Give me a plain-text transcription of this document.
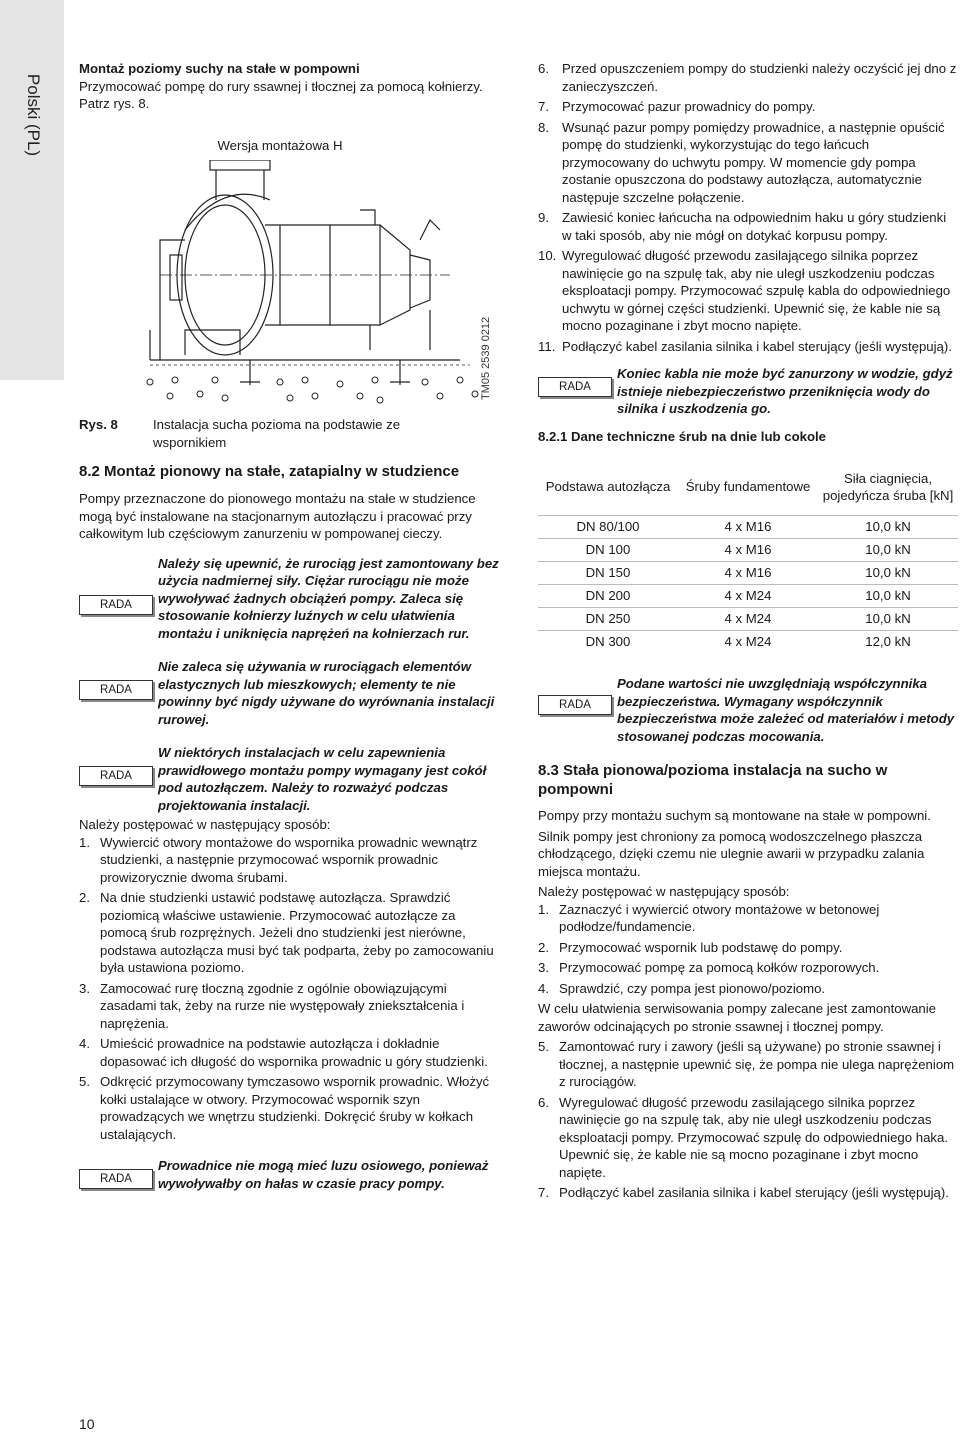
Polski (PL)

Montaż poziomy suchy na stałe w pompowni

Przymocować pompę do rury ssawnej i tłocznej za pomocą kołnierzy. Patrz rys. 8.

Wersja montażowa H

TM05 2539 0212
Rys. 8	Instalacja sucha pozioma na podstawie ze wspornikiem
8.2 Montaż pionowy na stałe, zatapialny w studzience

Pompy przeznaczone do pionowego montażu na stałe w studzience mogą być instalowane na stacjonarnym autozłączu i pracować przy całkowitym lub częściowym zanurzeniu w pompowanej cieczy.

RADA

Należy się upewnić, że rurociąg jest zamontowany bez użycia nadmiernej siły. Ciężar rurociągu nie może wywoływać żadnych obciążeń pompy. Zaleca się stosowanie kołnierzy luźnych w celu ułatwienia montażu i uniknięcia naprężeń na kołnierzach rur.

RADA

Nie zaleca się używania w rurociągach elementów elastycznych lub mieszkowych; elementy te nie powinny być nigdy używane do wyrównania instalacji rurowej.

RADA

W niektórych instalacjach w celu zapewnienia prawidłowego montażu pompy wymagany jest cokół pod autozłączem. Należy to rozważyć podczas projektowania instalacji.

Należy postępować w następujący sposób:

1. Wywiercić otwory montażowe do wspornika prowadnic wewnątrz studzienki, a następnie przymocować wspornik prowadnic prowizorycznie dwoma śrubami.
2. Na dnie studzienki ustawić podstawę autozłącza. Sprawdzić poziomicą właściwe ustawienie. Przymocować autozłącze za pomocą śrub rozprężnych. Jeżeli dno studzienki jest nierówne, podstawa autozłącza musi być tak podparta, żeby po zamocowaniu była ustawiona poziomo.
3. Zamocować rurę tłoczną zgodnie z ogólnie obowiązującymi zasadami tak, żeby na rurze nie występowały zniekształcenia i naprężenia.
4. Umieścić prowadnice na podstawie autozłącza i dokładnie dopasować ich długość do wspornika prowadnic u góry studzienki.
5. Odkręcić przymocowany tymczasowo wspornik prowadnic. Włożyć kołki ustalające w otwory. Przymocować wspornik szyn prowadzących we wnętrzu studzienki. Dokręcić śruby w kołkach ustalających.
RADA

Prowadnice nie mogą mieć luzu osiowego, ponieważ wywoływałby on hałas w czasie pracy pompy.

6. Przed opuszczeniem pompy do studzienki należy oczyścić jej dno z zanieczyszczeń.
7. Przymocować pazur prowadnicy do pompy.
8. Wsunąć pazur pompy pomiędzy prowadnice, a następnie opuścić pompę do studzienki, wykorzystując do tego łańcuch przymocowany do uchwytu pompy. W momencie gdy pompa zostanie opuszczona do podstawy autozłącza, automatycznie następuje szczelne połączenie.
9. Zawiesić koniec łańcucha na odpowiednim haku u góry studzienki w taki sposób, aby nie mógł on dotykać korpusu pompy.
10. Wyregulować długość przewodu zasilającego silnika poprzez nawinięcie go na szpulę tak, aby nie uległ uszkodzeniu podczas eksploatacji pompy. Przymocować szpulę kabla do odpowiedniego uchwytu w górnej części studzienki. Upewnić się, że kable nie są mocno pozaginane i zbyt mocno napięte.
11. Podłączyć kabel zasilania silnika i kabel sterujący (jeśli występują).
RADA

Koniec kabla nie może być zanurzony w wodzie, gdyż istnieje niebezpieczeństwo przeniknięcia wody do silnika i uszkodzenia go.

8.2.1 Dane techniczne śrub na dnie lub cokole

Podstawa autozłącza	Śruby fundamentowe	Siła ciagnięcia, pojedyńcza śruba [kN]
DN 80/100	4 x M16	10,0 kN
DN 100	4 x M16	10,0 kN
DN 150	4 x M16	10,0 kN
DN 200	4 x M24	10,0 kN
DN 250	4 x M24	10,0 kN
DN 300	4 x M24	12,0 kN
RADA

Podane wartości nie uwzględniają współczynnika bezpieczeństwa. Wymagany współczynnik bezpieczeństwa może zależeć od materiałów i metody stosowanej podczas mocowania.

8.3 Stała pionowa/pozioma instalacja na sucho w pompowni

Pompy przy montażu suchym są montowane na stałe w pompowni.

Silnik pompy jest chroniony za pomocą wodoszczelnego płaszcza chłodzącego, dzięki czemu nie ulegnie awarii w przypadku zalania miejsca montażu.

Należy postępować w następujący sposób:

1. Zaznaczyć i wywiercić otwory montażowe w betonowej podłodze/fundamencie.
2. Przymocować wspornik lub podstawę do pompy.
3. Przymocować pompę za pomocą kołków rozporowych.
4. Sprawdzić, czy pompa jest pionowo/poziomo.

W celu ułatwienia serwisowania pompy zalecane jest zamontowanie zaworów odcinających po stronie ssawnej i tłocznej pompy.

5. Zamontować rury i zawory (jeśli są używane) po stronie ssawnej i tłocznej, a następnie upewnić się, że pompa nie ulega naprężeniom z rurociągów.
6. Wyregulować długość przewodu zasilającego silnika poprzez nawinięcie go na szpulę tak, aby nie uległ uszkodzeniu podczas eksploatacji pompy. Przymocować szpulę do odpowiedniego haka. Upewnić się, że kable nie są mocno pozaginane i zbyt mocno napięte.
7. Podłączyć kabel zasilania silnika i kabel sterujący (jeśli występują).
10
